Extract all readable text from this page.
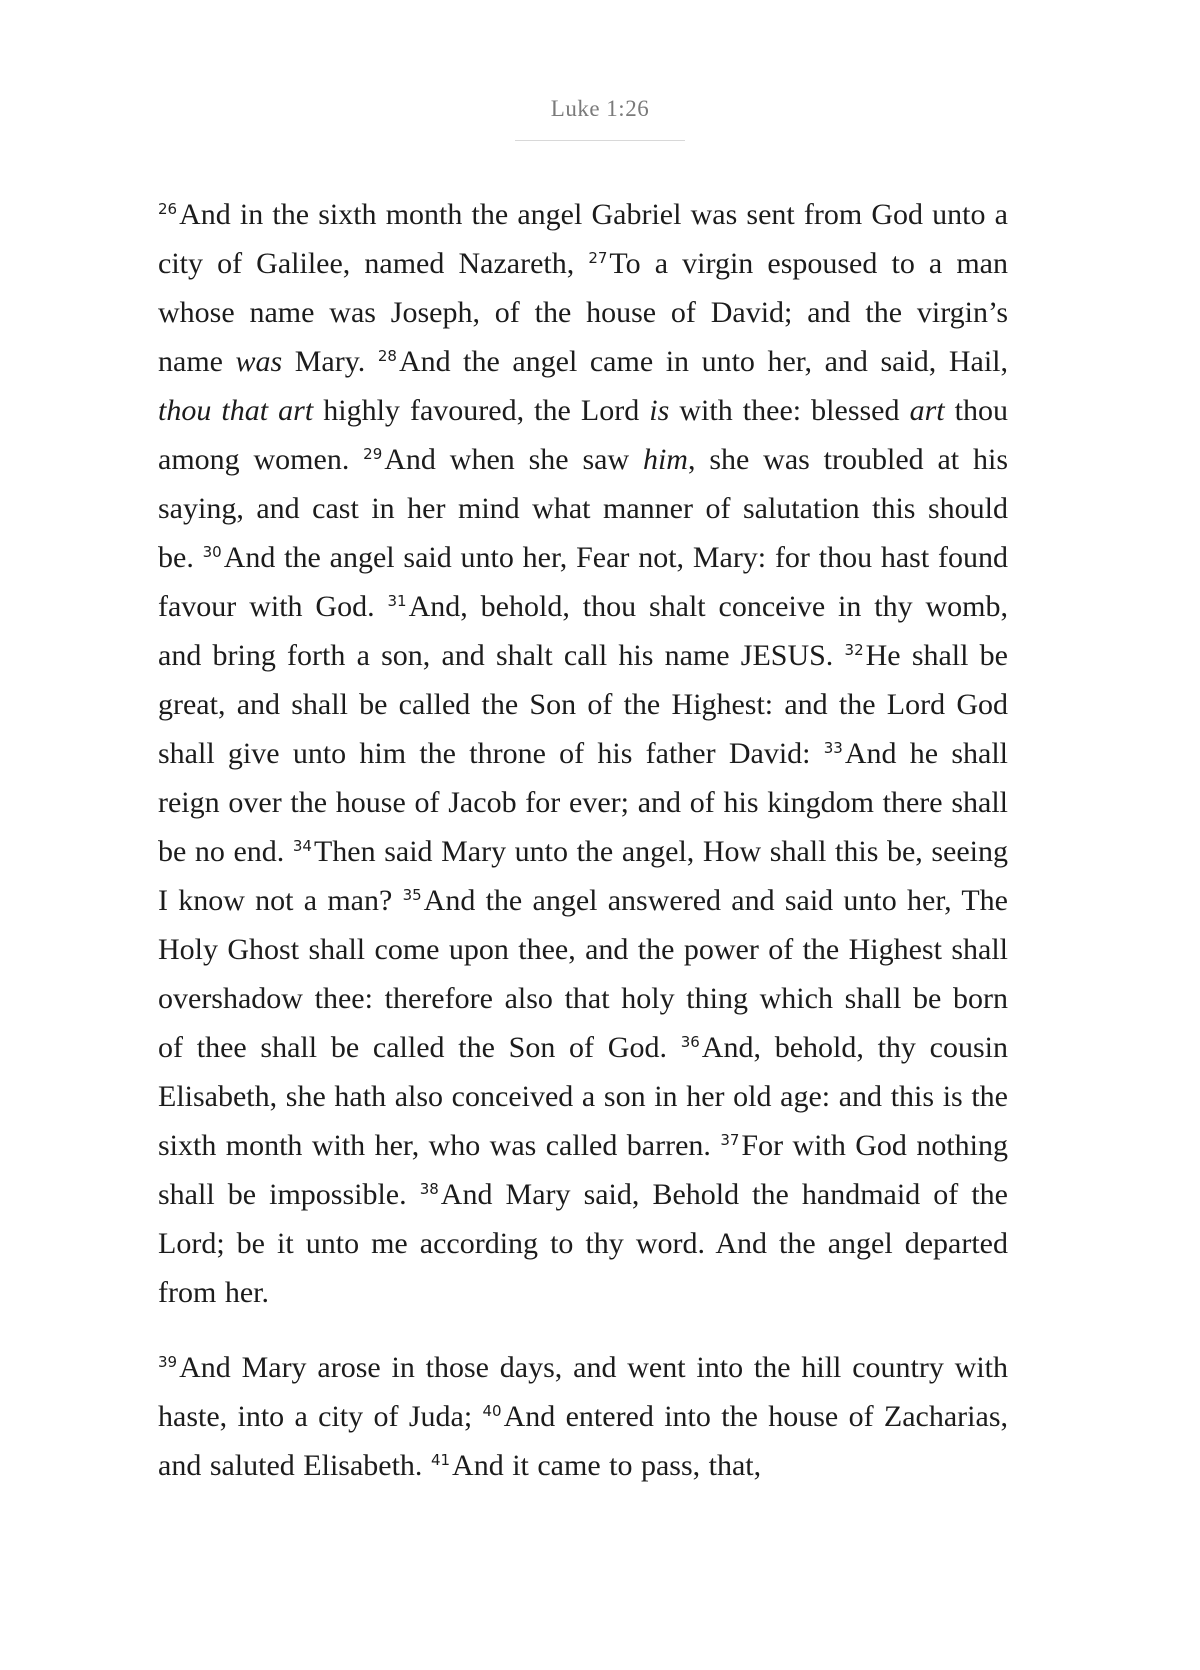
Luke 1:26

$^{26}$And in the sixth month the angel Gabriel was sent from God unto a city of Galilee, named Nazareth, $^{27}$To a virgin espoused to a man whose name was Joseph, of the house of David; and the virgin’s name was Mary. $^{28}$And the angel came in unto her, and said, Hail, thou that art highly favoured, the Lord is with thee: blessed art thou among women. $^{29}$And when she saw him, she was troubled at his saying, and cast in her mind what manner of salutation this should be. $^{30}$And the angel said unto her, Fear not, Mary: for thou hast found favour with God. $^{31}$And, behold, thou shalt conceive in thy womb, and bring forth a son, and shalt call his name JESUS. $^{32}$He shall be great, and shall be called the Son of the Highest: and the Lord God shall give unto him the throne of his father David: $^{33}$And he shall reign over the house of Jacob for ever; and of his kingdom there shall be no end. $^{34}$Then said Mary unto the angel, How shall this be, seeing I know not a man? $^{35}$And the angel answered and said unto her, The Holy Ghost shall come upon thee, and the power of the Highest shall overshadow thee: therefore also that holy thing which shall be born of thee shall be called the Son of God. $^{36}$And, behold, thy cousin Elisabeth, she hath also conceived a son in her old age: and this is the sixth month with her, who was called barren. $^{37}$For with God nothing shall be impossible. $^{38}$And Mary said, Behold the handmaid of the Lord; be it unto me according to thy word. And the angel departed from her.

$^{39}$And Mary arose in those days, and went into the hill country with haste, into a city of Juda; $^{40}$And entered into the house of Zacharias, and saluted Elisabeth. $^{41}$And it came to pass, that,
